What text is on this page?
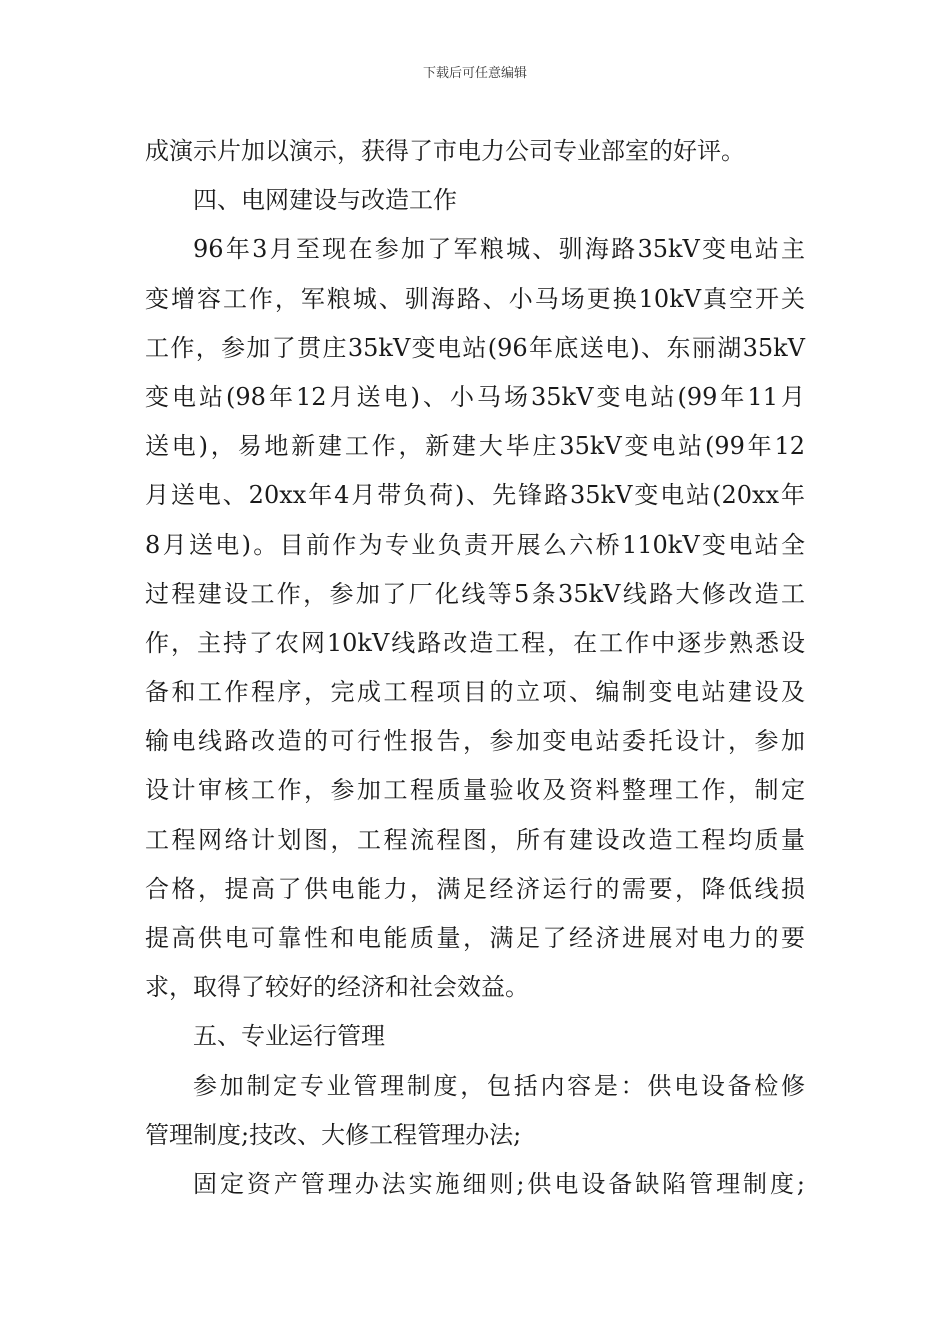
下载后可任意编辑
成演示片加以演示，获得了市电力公司专业部室的好评。
四、电网建设与改造工作
96年3月至现在参加了军粮城、驯海路35kV变电站主
变增容工作，军粮城、驯海路、小马场更换10kV真空开关
工作，参加了贯庄35kV变电站(96年底送电)、东丽湖35kV
变电站(98年12月送电)、小马场35kV变电站(99年11月
送电)，易地新建工作，新建大毕庄35kV变电站(99年12
月送电、20xx年4月带负荷)、先锋路35kV变电站(20xx年
8月送电)。目前作为专业负责开展么六桥110kV变电站全
过程建设工作，参加了厂化线等5条35kV线路大修改造工
作，主持了农网10kV线路改造工程，在工作中逐步熟悉设
备和工作程序，完成工程项目的立项、编制变电站建设及
输电线路改造的可行性报告，参加变电站委托设计，参加
设计审核工作，参加工程质量验收及资料整理工作，制定
工程网络计划图，工程流程图，所有建设改造工程均质量
合格，提高了供电能力，满足经济运行的需要，降低线损
提高供电可靠性和电能质量，满足了经济进展对电力的要
求，取得了较好的经济和社会效益。
五、专业运行管理
参加制定专业管理制度，包括内容是：供电设备检修
管理制度;技改、大修工程管理办法;
固定资产管理办法实施细则;供电设备缺陷管理制度;
